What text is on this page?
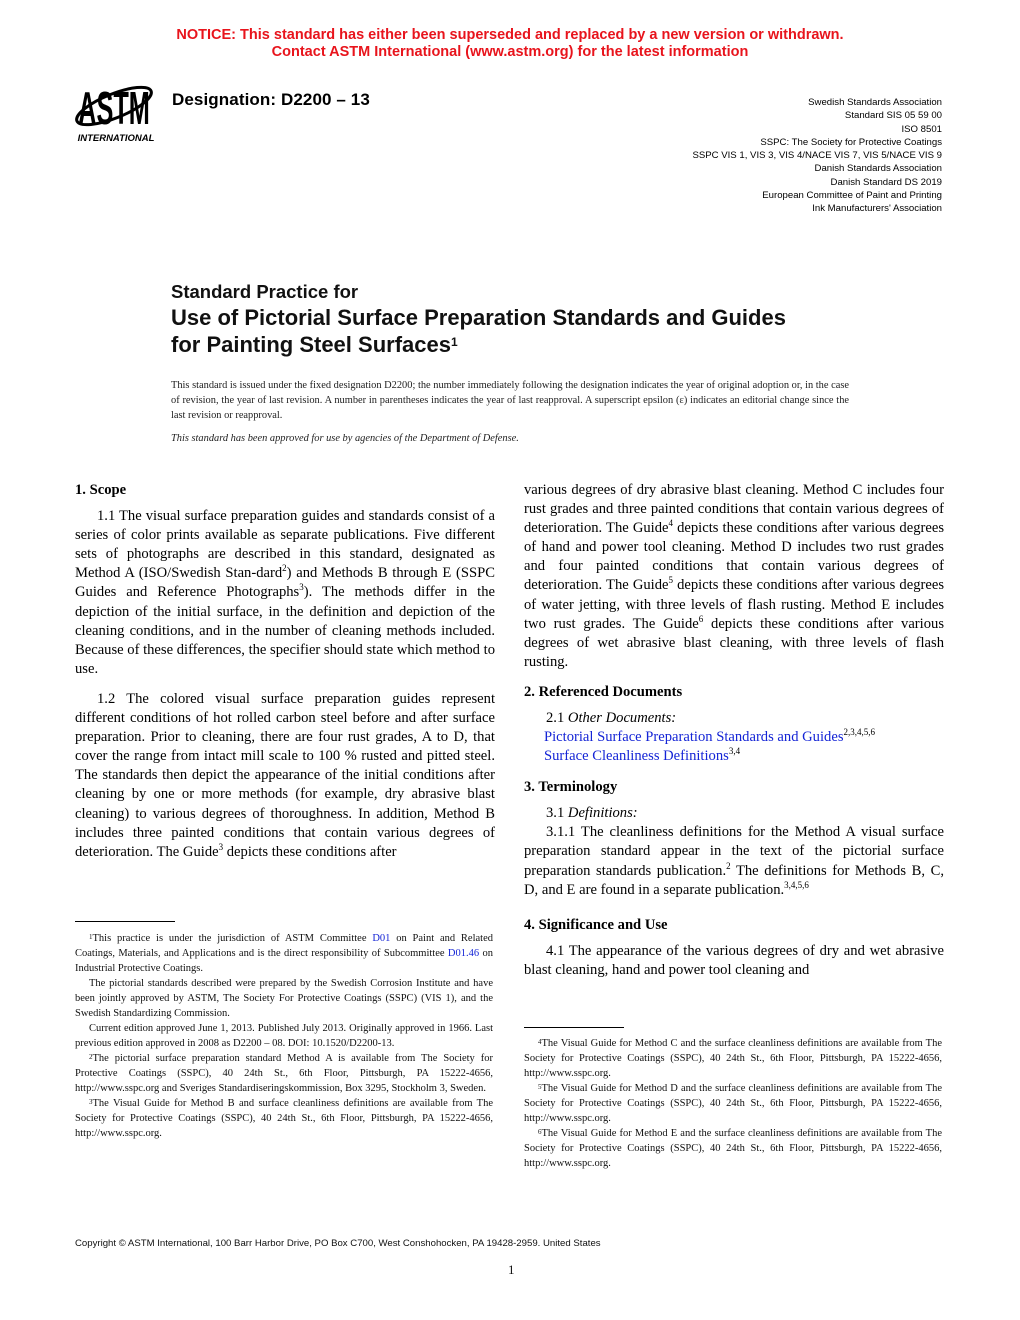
NOTICE: This standard has either been superseded and replaced by a new version or withdrawn.
Contact ASTM International (www.astm.org) for the latest information
ASTM
INTERNATIONAL
Designation: D2200 – 13	Swedish Standards Association
Standard SIS 05 59 00
ISO 8501
SSPC: The Society for Protective Coatings
SSPC VIS 1, VIS 3, VIS 4/NACE VIS 7, VIS 5/NACE VIS 9
Danish Standards Association
Danish Standard DS 2019
European Committee of Paint and Printing
Ink Manufacturers' Association
Standard Practice for
Use of Pictorial Surface Preparation Standards and Guides
for Painting Steel Surfaces$^1$
This standard is issued under the fixed designation D2200; the number immediately following the designation indicates the year of original adoption or, in the case of revision, the year of last revision. A number in parentheses indicates the year of last reapproval. A superscript epsilon (ε) indicates an editorial change since the last revision or reapproval.
This standard has been approved for use by agencies of the Department of Defense.

1. Scope

1.1 The visual surface preparation guides and standards consist of a series of color prints available as separate publications. Five different sets of photographs are described in this standard, designated as Method A (ISO/Swedish Stan-dard$^2$) and Methods B through E (SSPC Guides and Reference Photographs$^3$). The methods differ in the depiction of the initial surface, in the definition and depiction of the cleaning conditions, and in the number of cleaning methods included. Because of these differences, the specifier should state which method to use.

1.2 The colored visual surface preparation guides represent different conditions of hot rolled carbon steel before and after surface preparation. Prior to cleaning, there are four rust grades, A to D, that cover the range from intact mill scale to 100 % rusted and pitted steel. The standards then depict the appearance of the initial conditions after cleaning by one or more methods (for example, dry abrasive blast cleaning) to various degrees of thoroughness. In addition, Method B includes three painted conditions that contain various degrees of deterioration. The Guide$^3$ depicts these conditions after

various degrees of dry abrasive blast cleaning. Method C includes four rust grades and three painted conditions that contain various degrees of deterioration. The Guide$^4$ depicts these conditions after various degrees of hand and power tool cleaning. Method D includes two rust grades and four painted conditions that contain various degrees of deterioration. The Guide$^5$ depicts these conditions after various degrees of water jetting, with three levels of flash rusting. Method E includes two rust grades. The Guide$^6$ depicts these conditions after various degrees of wet abrasive blast cleaning, with three levels of flash rusting.

2. Referenced Documents

2.1 Other Documents:

Pictorial Surface Preparation Standards and Guides$^{2,3,4,5,6}$
Surface Cleanliness Definitions$^{3,4}$

3. Terminology

3.1 Definitions:

3.1.1 The cleanliness definitions for the Method A visual surface preparation standard appear in the text of the pictorial surface preparation standards publication.$^2$ The definitions for Methods B, C, D, and E are found in a separate publication.$^{3,4,5,6}$

4. Significance and Use

4.1 The appearance of the various degrees of dry and wet abrasive blast cleaning, hand and power tool cleaning and

$^1$This practice is under the jurisdiction of ASTM Committee D01 on Paint and Related Coatings, Materials, and Applications and is the direct responsibility of Subcommittee D01.46 on Industrial Protective Coatings.

The pictorial standards described were prepared by the Swedish Corrosion Institute and have been jointly approved by ASTM, The Society For Protective Coatings (SSPC) (VIS 1), and the Swedish Standardizing Commission.

Current edition approved June 1, 2013. Published July 2013. Originally approved in 1966. Last previous edition approved in 2008 as D2200 – 08. DOI: 10.1520/D2200-13.

$^2$The pictorial surface preparation standard Method A is available from The Society for Protective Coatings (SSPC), 40 24th St., 6th Floor, Pittsburgh, PA 15222-4656, http://www.sspc.org and Sveriges Standardiseringskommission, Box 3295, Stockholm 3, Sweden.

$^3$The Visual Guide for Method B and surface cleanliness definitions are available from The Society for Protective Coatings (SSPC), 40 24th St., 6th Floor, Pittsburgh, PA 15222-4656, http://www.sspc.org.

$^4$The Visual Guide for Method C and the surface cleanliness definitions are available from The Society for Protective Coatings (SSPC), 40 24th St., 6th Floor, Pittsburgh, PA 15222-4656, http://www.sspc.org.

$^5$The Visual Guide for Method D and the surface cleanliness definitions are available from The Society for Protective Coatings (SSPC), 40 24th St., 6th Floor, Pittsburgh, PA 15222-4656, http://www.sspc.org.

$^6$The Visual Guide for Method E and the surface cleanliness definitions are available from The Society for Protective Coatings (SSPC), 40 24th St., 6th Floor, Pittsburgh, PA 15222-4656, http://www.sspc.org.

Copyright © ASTM International, 100 Barr Harbor Drive, PO Box C700, West Conshohocken, PA 19428-2959. United States
1
